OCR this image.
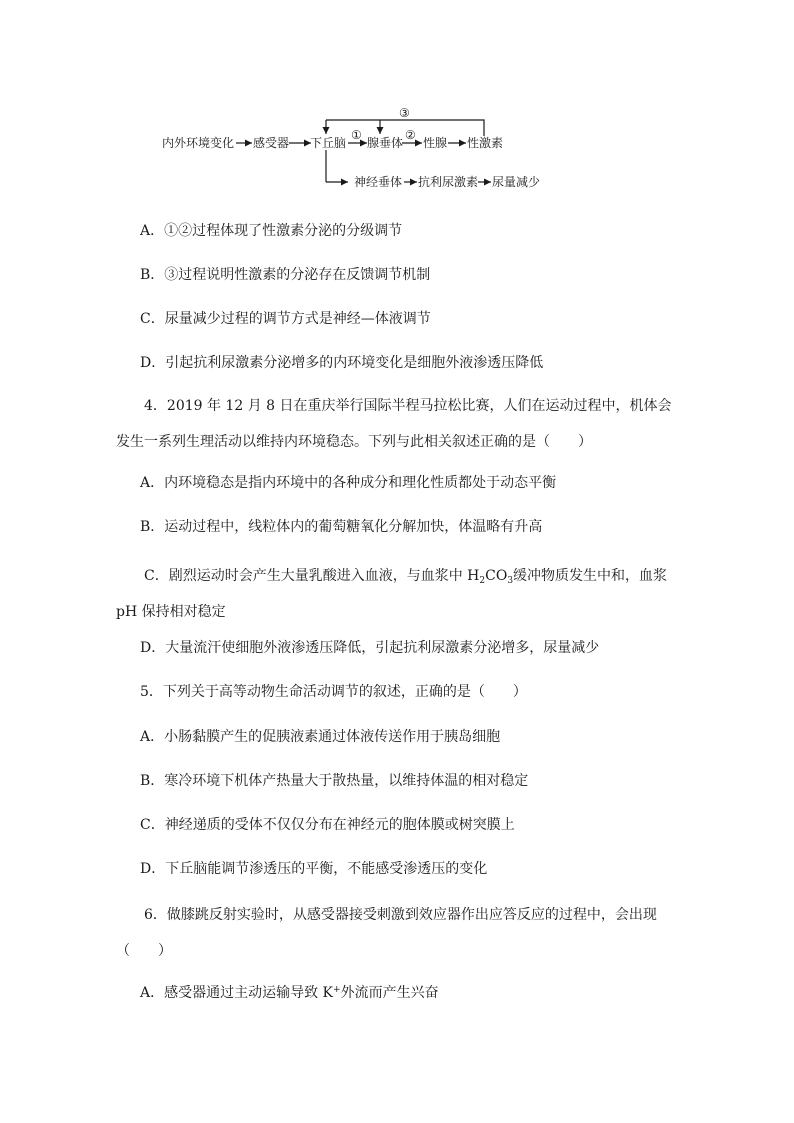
内外环境变化 感受器 下丘脑 腺垂体 性腺 性激素
神经垂体 抗利尿激素 尿量减少
①	②
③
A．①②过程体现了性激素分泌的分级调节
B．③过程说明性激素的分泌存在反馈调节机制
C．尿量减少过程的调节方式是神经—体液调节
D．引起抗利尿激素分泌增多的内环境变化是细胞外液渗透压降低
4．2019 年 12 月 8 日在重庆举行国际半程马拉松比赛，人们在运动过程中，机体会发生一系列生理活动以维持内环境稳态。下列与此相关叙述正确的是（　　）
A．内环境稳态是指内环境中的各种成分和理化性质都处于动态平衡
B．运动过程中，线粒体内的葡萄糖氧化分解加快，体温略有升高
C．剧烈运动时会产生大量乳酸进入血液，与血浆中 $H_2CO_3$缓冲物质发生中和，血浆 pH 保持相对稳定
D．大量流汗使细胞外液渗透压降低，引起抗利尿激素分泌增多，尿量减少
5．下列关于高等动物生命活动调节的叙述，正确的是（　　）
A．小肠黏膜产生的促胰液素通过体液传送作用于胰岛细胞
B．寒冷环境下机体产热量大于散热量，以维持体温的相对稳定
C．神经递质的受体不仅仅分布在神经元的胞体膜或树突膜上
D．下丘脑能调节渗透压的平衡，不能感受渗透压的变化
6．做膝跳反射实验时，从感受器接受刺激到效应器作出应答反应的过程中，会出现（　　）
A．感受器通过主动运输导致 K+外流而产生兴奋
